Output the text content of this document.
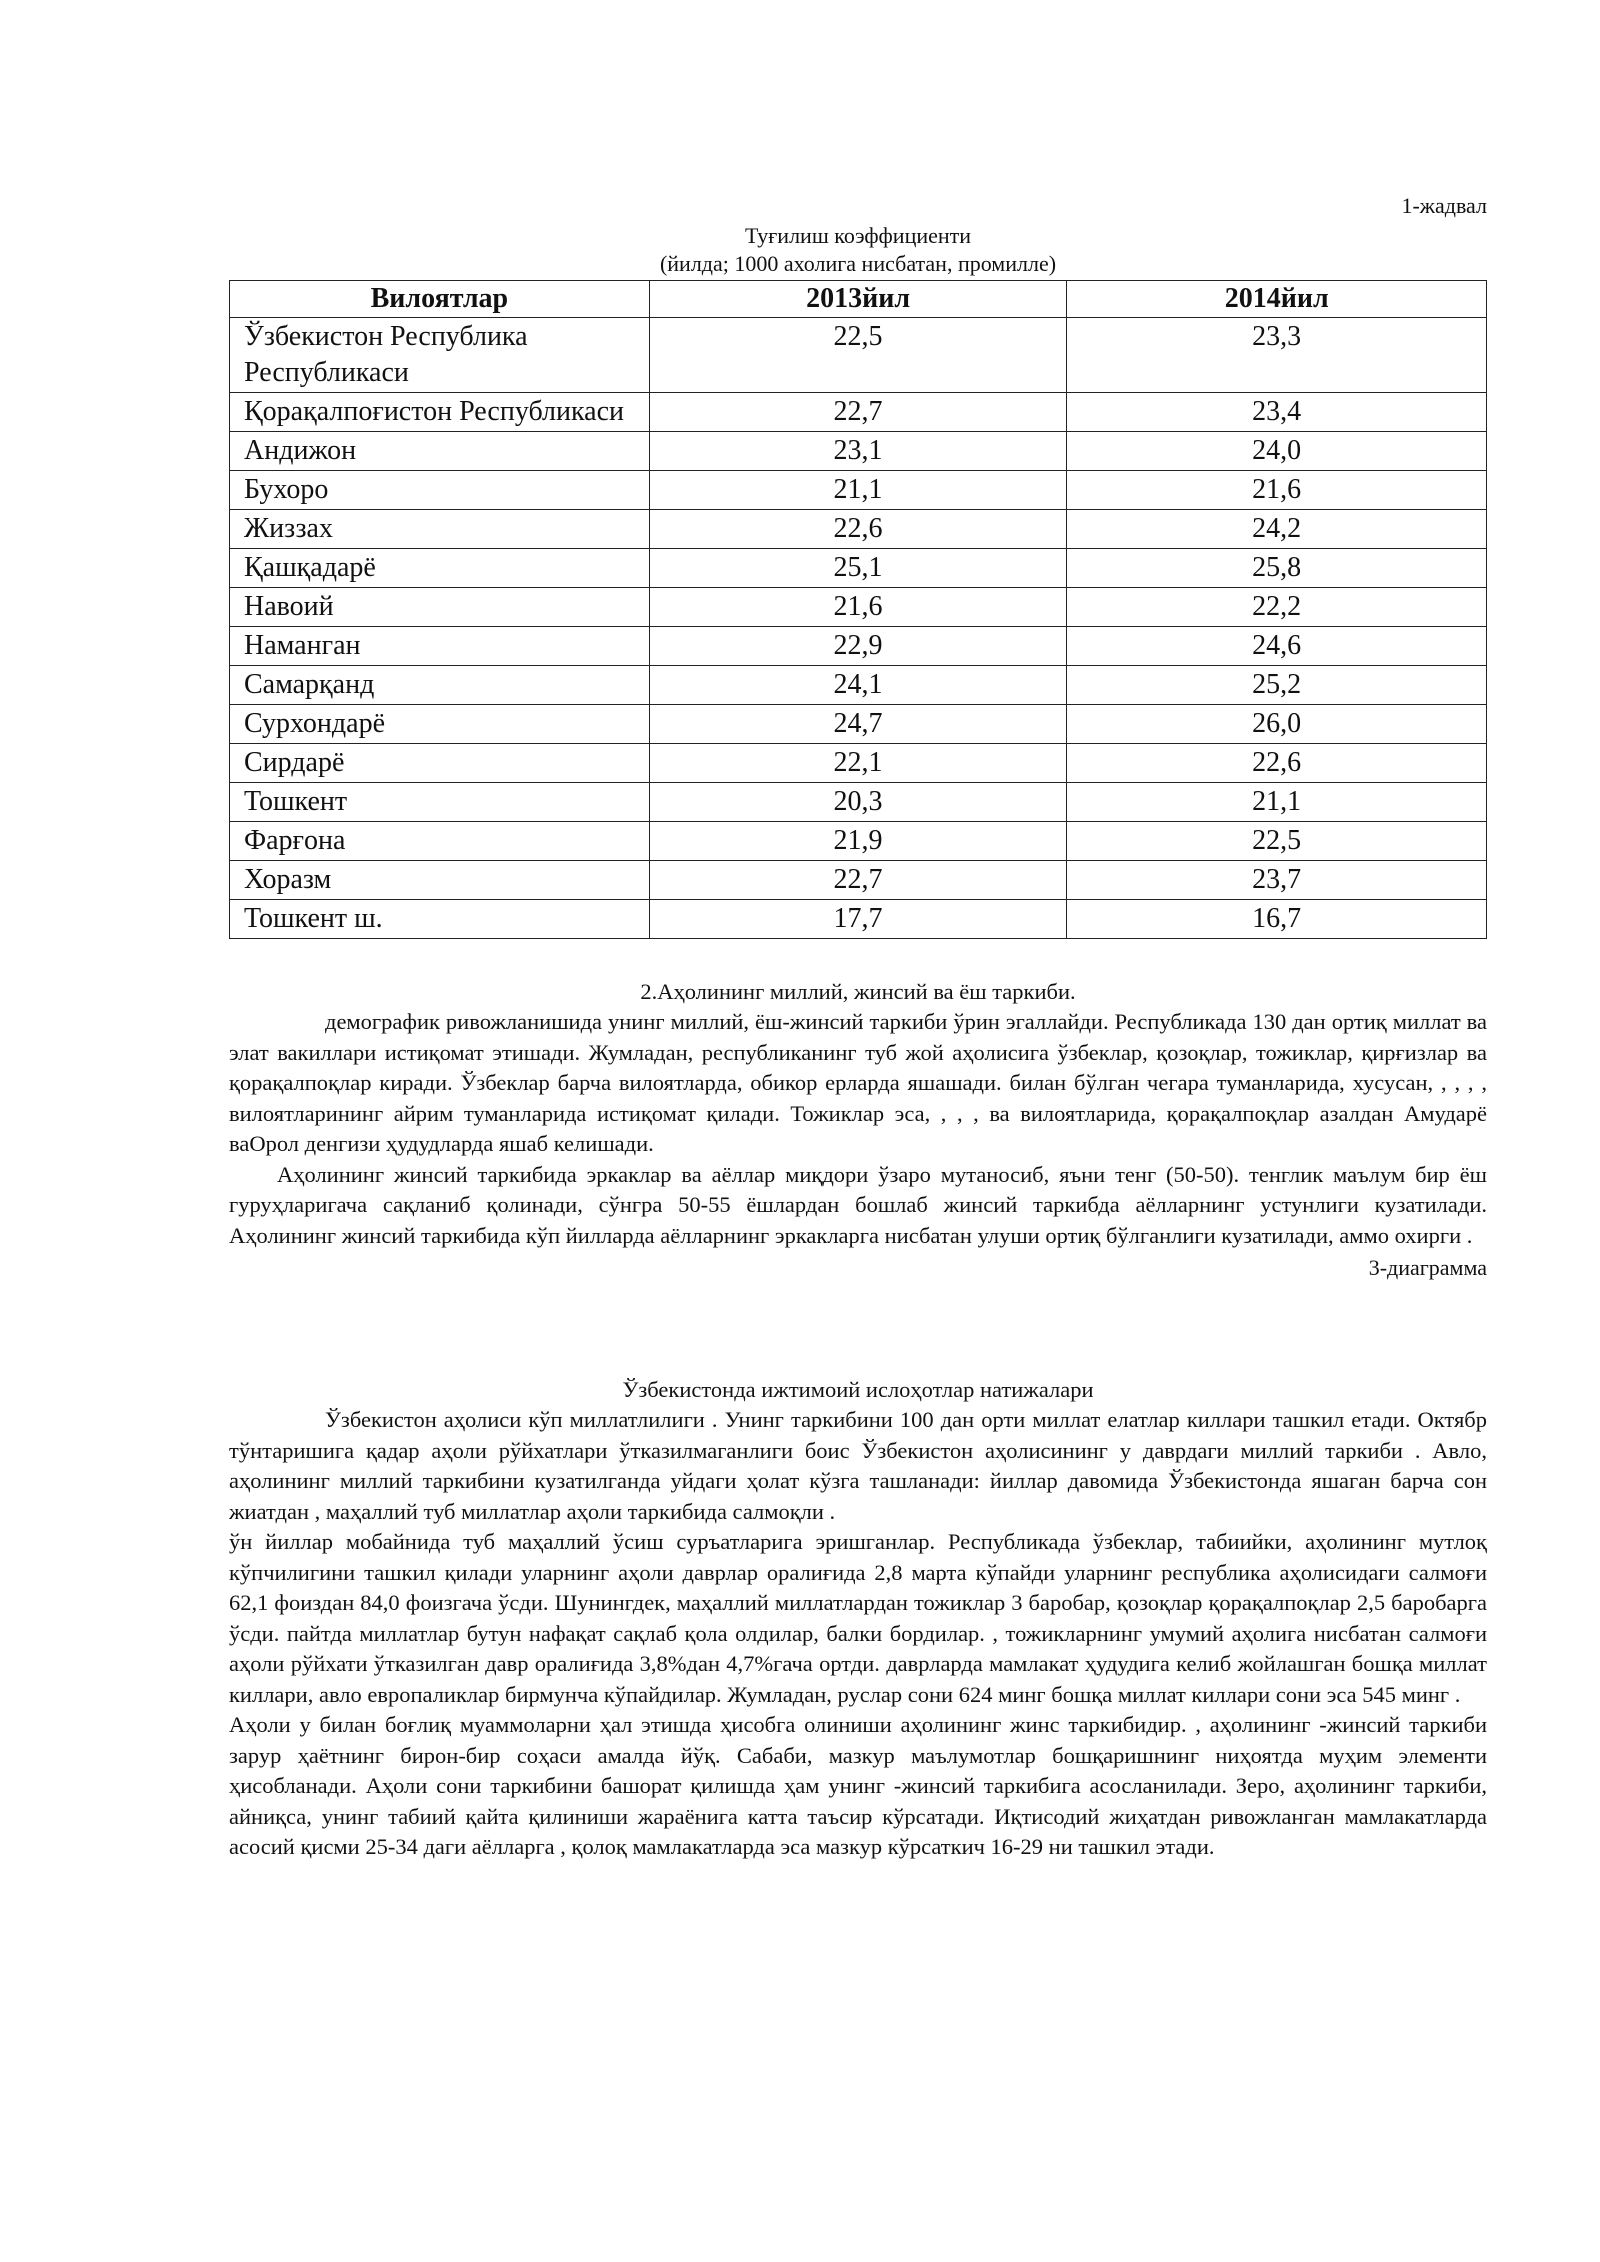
1-жадвал
Туғилиш коэффициенти
(йилда; 1000 ахолига нисбатан, промилле)
Вилоятлар	2013йил	2014йил
Ўзбекистон Республика Республикаси	22,5	23,3
Қорақалпоғистон Республикаси	22,7	23,4
Андижон	23,1	24,0
Бухоро	21,1	21,6
Жиззах	22,6	24,2
Қашқадарё	25,1	25,8
Навоий	21,6	22,2
Наманган	22,9	24,6
Самарқанд	24,1	25,2
Сурхондарё	24,7	26,0
Сирдарё	22,1	22,6
Тошкент	20,3	21,1
Фарғона	21,9	22,5
Хоразм	22,7	23,7
Тошкент ш.	17,7	16,7
2.Аҳолининг миллий, жинсий ва ёш таркиби.

демографик ривожланишида унинг миллий, ёш-жинсий таркиби ўрин эгаллайди. Республикада 130 дан ортиқ миллат ва элат вакиллари истиқомат этишади. Жумладан, республиканинг туб жой аҳолисига ўзбеклар, қозоқлар, тожиклар, қирғизлар ва қорақалпоқлар киради. Ўзбеклар барча вилоятларда, обикор ерларда яшашади. билан бўлган чегара туманларида, хусусан, , , , , вилоятларининг айрим туманларида истиқомат қилади. Тожиклар эса, , , , ва вилоятларида, қорақалпоқлар азалдан Амударё ваОрол денгизи ҳудудларда яшаб келишади.

Аҳолининг жинсий таркибида эркаклар ва аёллар миқдори ўзаро мутаносиб, яъни тенг (50-50). тенглик маълум бир ёш гуруҳларигача сақланиб қолинади, сўнгра 50-55 ёшлардан бошлаб жинсий таркибда аёлларнинг устунлиги кузатилади. Аҳолининг жинсий таркибида кўп йилларда аёлларнинг эркакларга нисбатан улуши ортиқ бўлганлиги кузатилади, аммо охирги .

3-диаграмма
Ўзбекистонда ижтимоий ислоҳотлар натижалари

Ўзбекистон аҳолиси кўп миллатлилиги . Унинг таркибини 100 дан орти миллат елатлар киллари ташкил етади. Октябр тўнтаришига қадар аҳоли рўйхатлари ўтказилмаганлиги боис Ўзбекистон аҳолисининг у даврдаги миллий таркиби . Авло, аҳолининг миллий таркибини кузатилганда уйдаги ҳолат кўзга ташланади: йиллар давомида Ўзбекистонда яшаган барча сон жиатдан , маҳаллий туб миллатлар аҳоли таркибида салмоқли .

ўн йиллар мобайнида туб маҳаллий ўсиш суръатларига эришганлар. Республикада ўзбеклар, табиийки, аҳолининг мутлоқ кўпчилигини ташкил қилади уларнинг аҳоли даврлар оралиғида 2,8 марта кўпайди уларнинг республика аҳолисидаги салмоғи 62,1 фоиздан 84,0 фоизгача ўсди. Шунингдек, маҳаллий миллатлардан тожиклар 3 баробар, қозоқлар қорақалпоқлар 2,5 баробарга ўсди. пайтда миллатлар бутун нафақат сақлаб қола олдилар, балки бордилар. , тожикларнинг умумий аҳолига нисбатан салмоғи аҳоли рўйхати ўтказилган давр оралиғида 3,8%дан 4,7%гача ортди. даврларда мамлакат ҳудудига келиб жойлашган бошқа миллат киллари, авло европаликлар бирмунча кўпайдилар. Жумладан, руслар сони 624 минг бошқа миллат киллари сони эса 545 минг .

Аҳоли у билан боғлиқ муаммоларни ҳал этишда ҳисобга олиниши аҳолининг жинс таркибидир. , аҳолининг -жинсий таркиби зарур ҳаётнинг бирон-бир соҳаси амалда йўқ. Сабаби, мазкур маълумотлар бошқаришнинг ниҳоятда муҳим элементи ҳисобланади. Аҳоли сони таркибини башорат қилишда ҳам унинг -жинсий таркибига асосланилади. Зеро, аҳолининг таркиби, айниқса, унинг табиий қайта қилиниши жараёнига катта таъсир кўрсатади. Иқтисодий жиҳатдан ривожланган мамлакатларда асосий қисми 25-34 даги аёлларга , қолоқ мамлакатларда эса мазкур кўрсаткич 16-29 ни ташкил этади.
